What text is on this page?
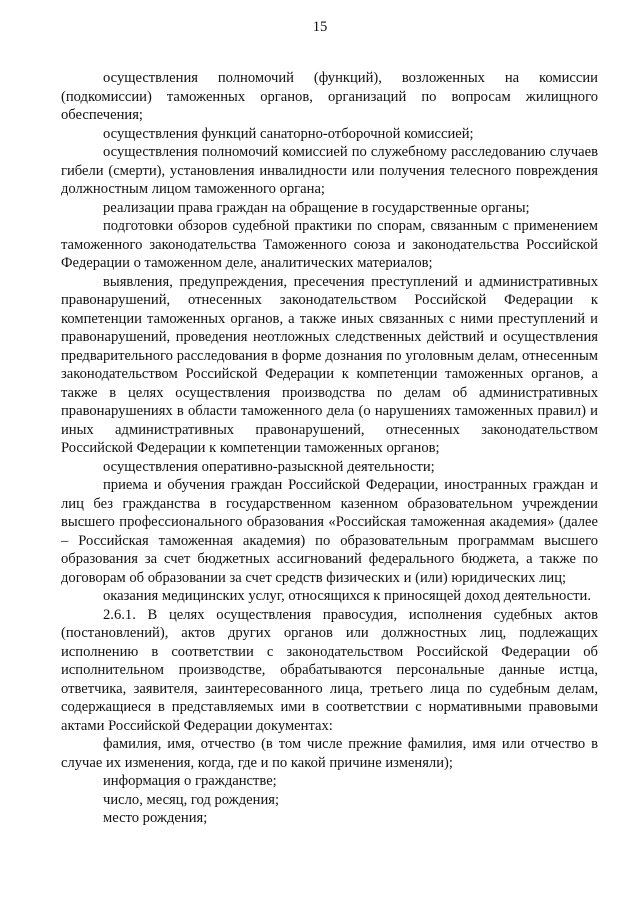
15

осуществления полномочий (функций), возложенных на комиссии (подкомиссии) таможенных органов, организаций по вопросам жилищного обеспечения;

осуществления функций санаторно-отборочной комиссией;

осуществления полномочий комиссией по служебному расследованию случаев гибели (смерти), установления инвалидности или получения телесного повреждения должностным лицом таможенного органа;

реализации права граждан на обращение в государственные органы;

подготовки обзоров судебной практики по спорам, связанным с применением таможенного законодательства Таможенного союза и законодательства Российской Федерации о таможенном деле, аналитических материалов;

выявления, предупреждения, пресечения преступлений и административных правонарушений, отнесенных законодательством Российской Федерации к компетенции таможенных органов, а также иных связанных с ними преступлений и правонарушений, проведения неотложных следственных действий и осуществления предварительного расследования в форме дознания по уголовным делам, отнесенным законодательством Российской Федерации к компетенции таможенных органов, а также в целях осуществления производства по делам об административных правонарушениях в области таможенного дела (о нарушениях таможенных правил) и иных административных правонарушений, отнесенных законодательством Российской Федерации к компетенции таможенных органов;

осуществления оперативно-разыскной деятельности;

приема и обучения граждан Российской Федерации, иностранных граждан и лиц без гражданства в государственном казенном образовательном учреждении высшего профессионального образования «Российская таможенная академия» (далее – Российская таможенная академия) по образовательным программам высшего образования за счет бюджетных ассигнований федерального бюджета, а также по договорам об образовании за счет средств физических и (или) юридических лиц;

оказания медицинских услуг, относящихся к приносящей доход деятельности.

2.6.1. В целях осуществления правосудия, исполнения судебных актов (постановлений), актов других органов или должностных лиц, подлежащих исполнению в соответствии с законодательством Российской Федерации об исполнительном производстве, обрабатываются персональные данные истца, ответчика, заявителя, заинтересованного лица, третьего лица по судебным делам, содержащиеся в представляемых ими в соответствии с нормативными правовыми актами Российской Федерации документах:

фамилия, имя, отчество (в том числе прежние фамилия, имя или отчество в случае их изменения, когда, где и по какой причине изменяли);

информация о гражданстве;

число, месяц, год рождения;

место рождения;
